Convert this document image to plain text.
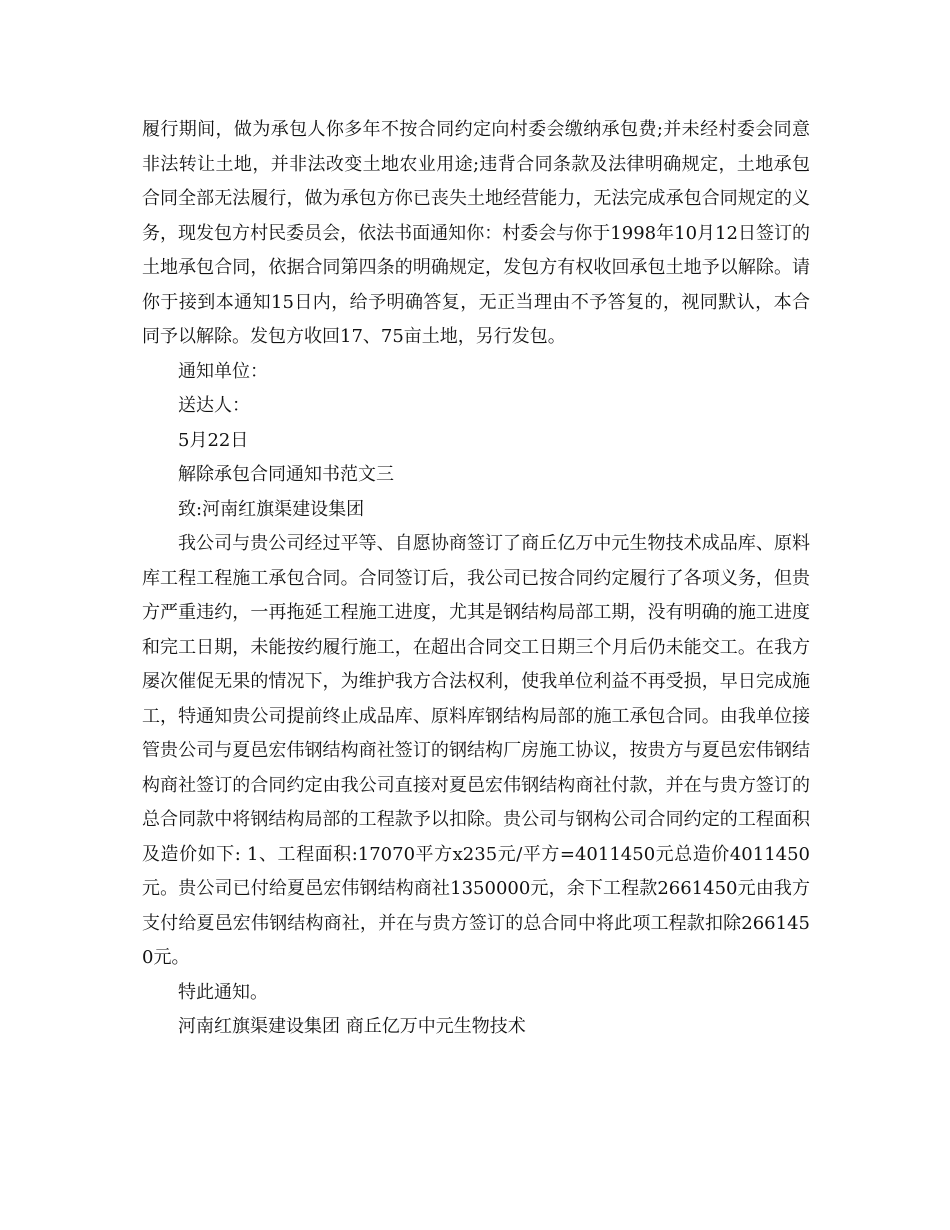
履行期间，做为承包人你多年不按合同约定向村委会缴纳承包费;并未经村委会同意非法转让土地，并非法改变土地农业用途;违背合同条款及法律明确规定，土地承包合同全部无法履行，做为承包方你已丧失土地经营能力，无法完成承包合同规定的义务，现发包方村民委员会，依法书面通知你：村委会与你于1998年10月12日签订的土地承包合同，依据合同第四条的明确规定，发包方有权收回承包土地予以解除。请你于接到本通知15日内，给予明确答复，无正当理由不予答复的，视同默认，本合同予以解除。发包方收回17、75亩土地，另行发包。

通知单位：

送达人：

5月22日

解除承包合同通知书范文三

致:河南红旗渠建设集团

我公司与贵公司经过平等、自愿协商签订了商丘亿万中元生物技术成品库、原料库工程工程施工承包合同。合同签订后，我公司已按合同约定履行了各项义务，但贵方严重违约，一再拖延工程施工进度，尤其是钢结构局部工期，没有明确的施工进度和完工日期，未能按约履行施工，在超出合同交工日期三个月后仍未能交工。在我方屡次催促无果的情况下，为维护我方合法权利，使我单位利益不再受损，早日完成施工，特通知贵公司提前终止成品库、原料库钢结构局部的施工承包合同。由我单位接管贵公司与夏邑宏伟钢结构商社签订的钢结构厂房施工协议，按贵方与夏邑宏伟钢结构商社签订的合同约定由我公司直接对夏邑宏伟钢结构商社付款，并在与贵方签订的总合同款中将钢结构局部的工程款予以扣除。贵公司与钢构公司合同约定的工程面积及造价如下: 1、工程面积:17070平方x235元/平方=4011450元总造价4011450元。贵公司已付给夏邑宏伟钢结构商社1350000元，余下工程款2661450元由我方支付给夏邑宏伟钢结构商社，并在与贵方签订的总合同中将此项工程款扣除2661450元。

特此通知。

河南红旗渠建设集团 商丘亿万中元生物技术
